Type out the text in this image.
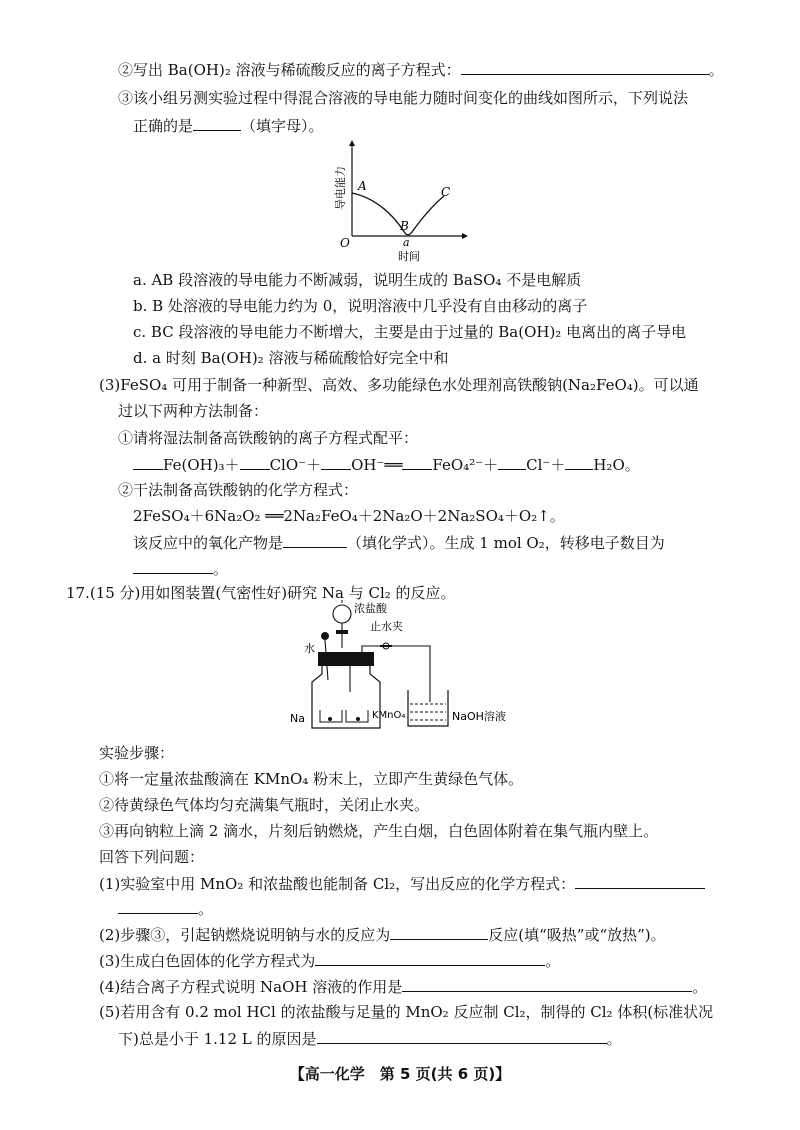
②写出 Ba(OH)₂ 溶液与稀硫酸反应的离子方程式：	。
③该小组另测实验过程中得混合溶液的导电能力随时间变化的曲线如图所示，下列说法
正确的是	（填字母）。
A
B
C
O	a
时间
导电能力
a. AB 段溶液的导电能力不断减弱，说明生成的 BaSO₄ 不是电解质
b. B 处溶液的导电能力约为 0，说明溶液中几乎没有自由移动的离子
c. BC 段溶液的导电能力不断增大，主要是由于过量的 Ba(OH)₂ 电离出的离子导电
d. a 时刻 Ba(OH)₂ 溶液与稀硫酸恰好完全中和
(3)FeSO₄ 可用于制备一种新型、高效、多功能绿色水处理剂高铁酸钠(Na₂FeO₄)。可以通
过以下两种方法制备：
①请将湿法制备高铁酸钠的离子方程式配平：
Fe(OH)₃＋ ClO⁻＋ OH⁻══ FeO₄²⁻＋ Cl⁻＋ H₂O。
②干法制备高铁酸钠的化学方程式：
2FeSO₄＋6Na₂O₂ ══2Na₂FeO₄＋2Na₂O＋2Na₂SO₄＋O₂↑。
该反应中的氧化产物是	（填化学式）。生成 1 mol O₂，转移电子数目为
。
17.(15 分)用如图装置(气密性好)研究 Na 与 Cl₂ 的反应。
浓盐酸
水
Na	KMnO₄
止水夹
NaOH溶液
实验步骤：
①将一定量浓盐酸滴在 KMnO₄ 粉末上，立即产生黄绿色气体。
②待黄绿色气体均匀充满集气瓶时，关闭止水夹。
③再向钠粒上滴 2 滴水，片刻后钠燃烧，产生白烟，白色固体附着在集气瓶内壁上。
回答下列问题：
(1)实验室中用 MnO₂ 和浓盐酸也能制备 Cl₂，写出反应的化学方程式：
。
(2)步骤③，引起钠燃烧说明钠与水的反应为	反应(填“吸热”或“放热”)。
(3)生成白色固体的化学方程式为	。
(4)结合离子方程式说明 NaOH 溶液的作用是	。
(5)若用含有 0.2 mol HCl 的浓盐酸与足量的 MnO₂ 反应制 Cl₂，制得的 Cl₂ 体积(标准状况
下)总是小于 1.12 L 的原因是	。
【高一化学　第 5 页(共 6 页)】
